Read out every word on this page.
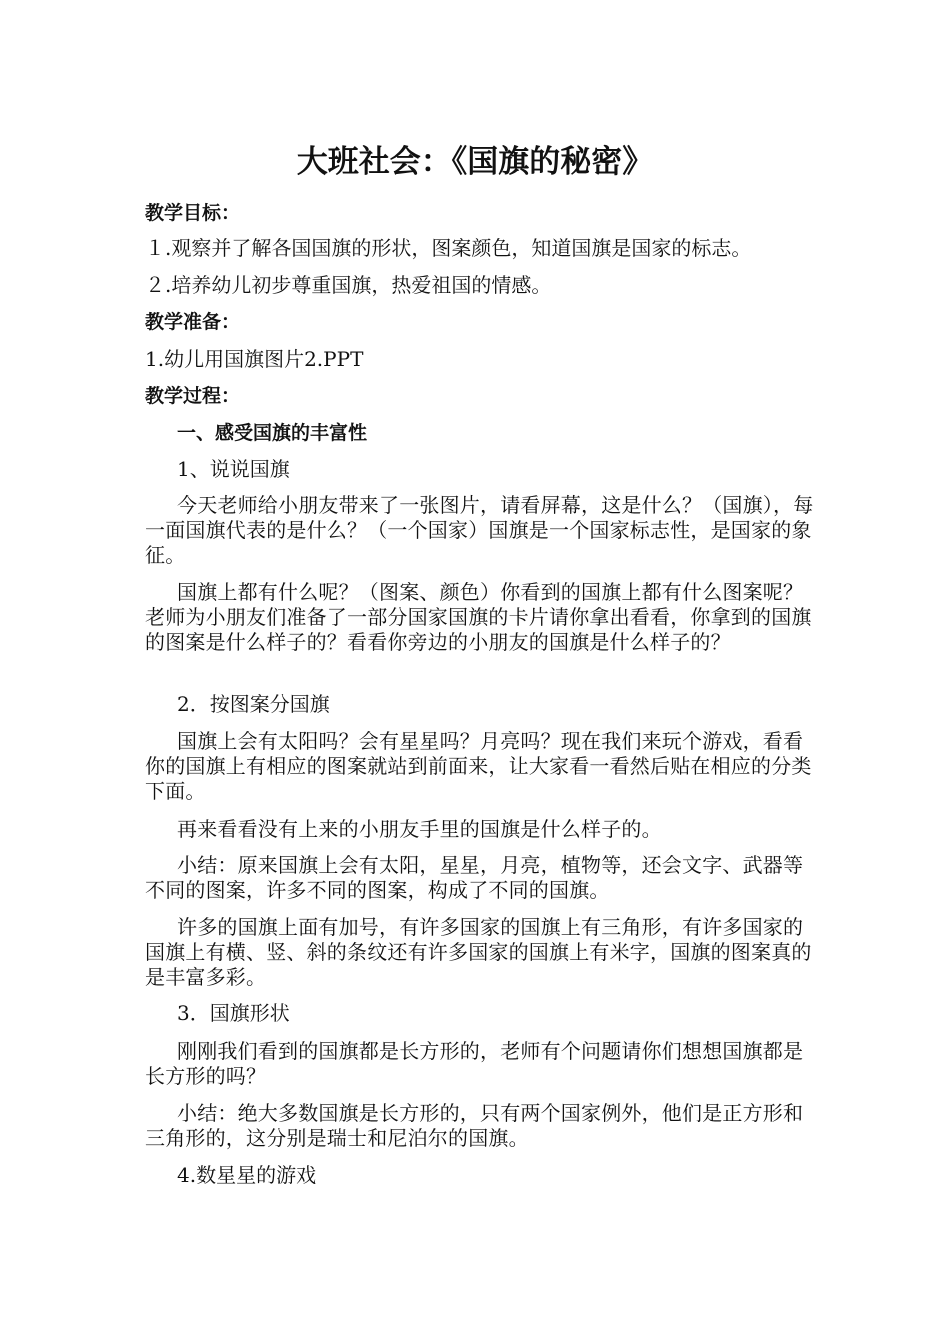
大班社会：《国旗的秘密》
教学目标：
１.观察并了解各国国旗的形状，图案颜色，知道国旗是国家的标志。
２.培养幼儿初步尊重国旗，热爱祖国的情感。
教学准备：
1.幼儿用国旗图片2.PPT
教学过程：
一、感受国旗的丰富性
1、说说国旗
今天老师给小朋友带来了一张图片，请看屏幕，这是什么？（国旗），每一面国旗代表的是什么？（一个国家）国旗是一个国家标志性，是国家的象征。
国旗上都有什么呢？（图案、颜色）你看到的国旗上都有什么图案呢？老师为小朋友们准备了一部分国家国旗的卡片请你拿出看看，你拿到的国旗的图案是什么样子的？看看你旁边的小朋友的国旗是什么样子的？
2．按图案分国旗
国旗上会有太阳吗？会有星星吗？月亮吗？现在我们来玩个游戏，看看你的国旗上有相应的图案就站到前面来，让大家看一看然后贴在相应的分类下面。
再来看看没有上来的小朋友手里的国旗是什么样子的。
小结：原来国旗上会有太阳，星星，月亮，植物等，还会文字、武器等不同的图案，许多不同的图案，构成了不同的国旗。
许多的国旗上面有加号，有许多国家的国旗上有三角形，有许多国家的国旗上有横、竖、斜的条纹还有许多国家的国旗上有米字，国旗的图案真的是丰富多彩。
3．国旗形状
刚刚我们看到的国旗都是长方形的，老师有个问题请你们想想国旗都是长方形的吗？
小结：绝大多数国旗是长方形的，只有两个国家例外，他们是正方形和三角形的，这分别是瑞士和尼泊尔的国旗。
4.数星星的游戏
